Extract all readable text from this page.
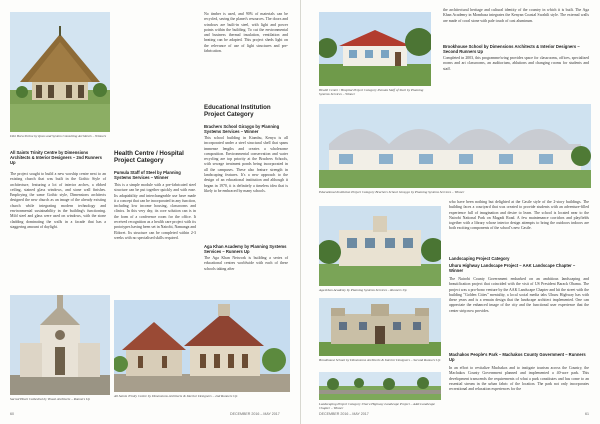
Dini Bora Shrine by Ipsos and System Consulting Architects – Winners
All Saints Trinity Centre by Dimensions Architects & Interior Designers – 2nd Runners Up
The project sought to build a new worship centre next to an existing church that was built in the Gothic Style of architecture, featuring a lot of interior arches, a ribbed ceiling, stained glass windows, and stone wall finishes. Employing the same Gothic style, Dimensions architects designed the new church as an image of the already existing church while integrating modern technology and environmental sustainability in the building's functioning. Mild steel and glass were used on windows, with the stone cladding dominating the walls in a facade that has a staggering amount of daylight.
Health Centre / Hospital Project Category
Pumula Staff of Steel by Planning Systems Services – Winner
This is a simple module with a pre-fabricated steel structure can be put together quickly and with ease. Its adaptability and interchangeable use have made it a concept that can be incorporated in any function, including low income housing, classrooms and clinics. In this very day, its core solution can is in the form of a conference room for the office. It received recognition as a health care project with its prototypes having been set in Nairobi, Namanga and Eldoret. Its structure can be completed within 2-3 weeks with no specialised skills required.
No timber is used, and 90% of materials can be recycled, saving the planet's resources. The doors and windows are built-in steel, with light and power points within the building. To cut the environmental and business thermal insulation, ventilation and heating can be adapted. This project sheds light on the relevance of use of light structures and pre-fabrication.
Educational Institution Project Category
Brachers School Giraygo by Planning Systems Services – Winner
This school building in Kiambu, Kenya is all incorporated under a steel structural shell that spans immense lengths and creates a wholesome composition. Environmental conservation and water recycling are top priority at the Brachers Schools, with sewage treatment ponds being incorporated in all the campuses. These also feature strength in landscaping features. It's a new approach to the design of an educational institution and although it began in 1970, it is definitely a timeless idea that is likely to be embraced by many schools.
Aga Khan Academy by Planning Systems Services – Runners Up
The Aga Khan Network is building a series of educational centres worldwide with each of these schools taking after
Sacred Heart Cathedral by Visual Architects – Runners Up
All Saints Trinity Centre by Dimensions Architects & Interior Designers – 2nd Runners Up
60	DECEMBER 2016 – MAY 2017
Health Centre / Hospital Project Category Pumula Staff of Steel by Planning Systems Services – Winner
the architectural heritage and cultural identity of the country in which it is built. The Aga Khan Academy in Mombasa integrates the Kenyan Coastal Swahili style. The external walls are made of coral stone with pale touch of cast aluminum.
Brookhouse School by Dimensions Architects & Interior Designers – Second Runners Up
Completed in 2003, this programme/wing provides space for classrooms, offices, specialized rooms and art classrooms, an auditorium, ablutions and changing rooms for students and staff.
Educational Institution Project Category Brachers School Giraygo by Planning Systems Services – Winner
Aga Khan Academy by Planning Systems Services – Runners Up
who have been nothing but delighted at the Castle style of the 2-story buildings. The building faces a courtyard that was created to provide students with an adventure-filled experience full of imagination and desire to learn. The school is located near to the Nairobi National Park on Magadi Road. A few maintenance corridors and playfields together with a library whose interior design attempts to bring the outdoors indoors are both exciting components of the school's new Castle.
Brookhouse School by Dimensions Architects & Interior Designers – Second Runners Up
Landscaping Project Category Uhuru Highway Landscape Project – AAK Landscape Chapter – Winner
Landscaping Project Category
Uhuru Highway Landscape Project – AAK Landscape Chapter – Winner
The Nairobi County Government embarked on an ambitious landscaping and beautification project that coincided with the visit of US President Barack Obama. The project was a pro-bono venture by the AAK Landscape Chapter and hit the street with the building "Golden Cities" mentality, a local social media tabs Uhuru Highway has with these years and is a remain design that the landscape architect implemented. One can appreciate the enhanced image of the city and the functional user experience that the center strip now provides.
Machakos People's Park – Machakos County Government – Runners Up
In an effort to revitalize Machakos and to instigate tourism across the Country, the Machakos County Government planned and implemented a 40-acre park. This development transcends the requirements of what a park constitutes and has come to an essential stream in the urban fabric of the location. The park not only incorporates recreational and relaxation experiences for the
DECEMBER 2016 – MAY 2017	61
